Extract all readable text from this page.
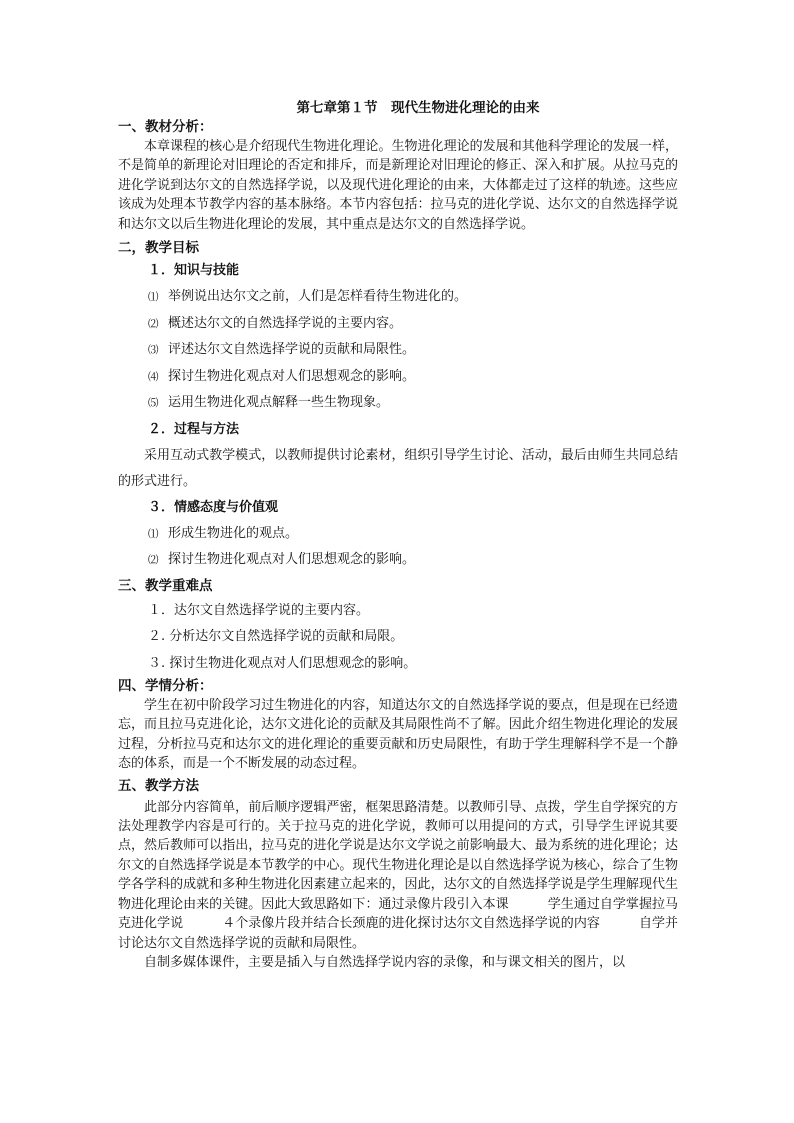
第七章第１节　现代生物进化理论的由来
一、教材分析：
本章课程的核心是介绍现代生物进化理论。生物进化理论的发展和其他科学理论的发展一样，不是简单的新理论对旧理论的否定和排斥，而是新理论对旧理论的修正、深入和扩展。从拉马克的进化学说到达尔文的自然选择学说，以及现代进化理论的由来，大体都走过了这样的轨迹。这些应该成为处理本节教学内容的基本脉络。本节内容包括：拉马克的进化学说、达尔文的自然选择学说和达尔文以后生物进化理论的发展，其中重点是达尔文的自然选择学说。
二，教学目标
１．知识与技能
⑴ 举例说出达尔文之前，人们是怎样看待生物进化的。
⑵ 概述达尔文的自然选择学说的主要内容。
⑶ 评述达尔文自然选择学说的贡献和局限性。
⑷ 探讨生物进化观点对人们思想观念的影响。
⑸ 运用生物进化观点解释一些生物现象。
２．过程与方法
采用互动式教学模式，以教师提供讨论素材，组织引导学生讨论、活动，最后由师生共同总结的形式进行。
３．情感态度与价值观
⑴ 形成生物进化的观点。
⑵ 探讨生物进化观点对人们思想观念的影响。
三、教学重难点
１．达尔文自然选择学说的主要内容。
２. 分析达尔文自然选择学说的贡献和局限。
３. 探讨生物进化观点对人们思想观念的影响。
四、学情分析：
学生在初中阶段学习过生物进化的内容，知道达尔文的自然选择学说的要点，但是现在已经遗忘，而且拉马克进化论，达尔文进化论的贡献及其局限性尚不了解。因此介绍生物进化理论的发展过程，分析拉马克和达尔文的进化理论的重要贡献和历史局限性，有助于学生理解科学不是一个静态的体系，而是一个不断发展的动态过程。
五、教学方法
此部分内容简单，前后顺序逻辑严密，框架思路清楚。以教师引导、点拨，学生自学探究的方法处理教学内容是可行的。关于拉马克的进化学说，教师可以用提问的方式，引导学生评说其要点，然后教师可以指出，拉马克的进化学说是达尔文学说之前影响最大、最为系统的进化理论；达尔文的自然选择学说是本节教学的中心。现代生物进化理论是以自然选择学说为核心，综合了生物学各学科的成就和多种生物进化因素建立起来的，因此，达尔文的自然选择学说是学生理解现代生物进化理论由来的关键。因此大致思路如下：通过录像片段引入本课　　　学生通过自学掌握拉马克进化学说　　　４个录像片段并结合长颈鹿的进化探讨达尔文自然选择学说的内容　　　自学并讨论达尔文自然选择学说的贡献和局限性。
自制多媒体课件，主要是插入与自然选择学说内容的录像，和与课文相关的图片，以
